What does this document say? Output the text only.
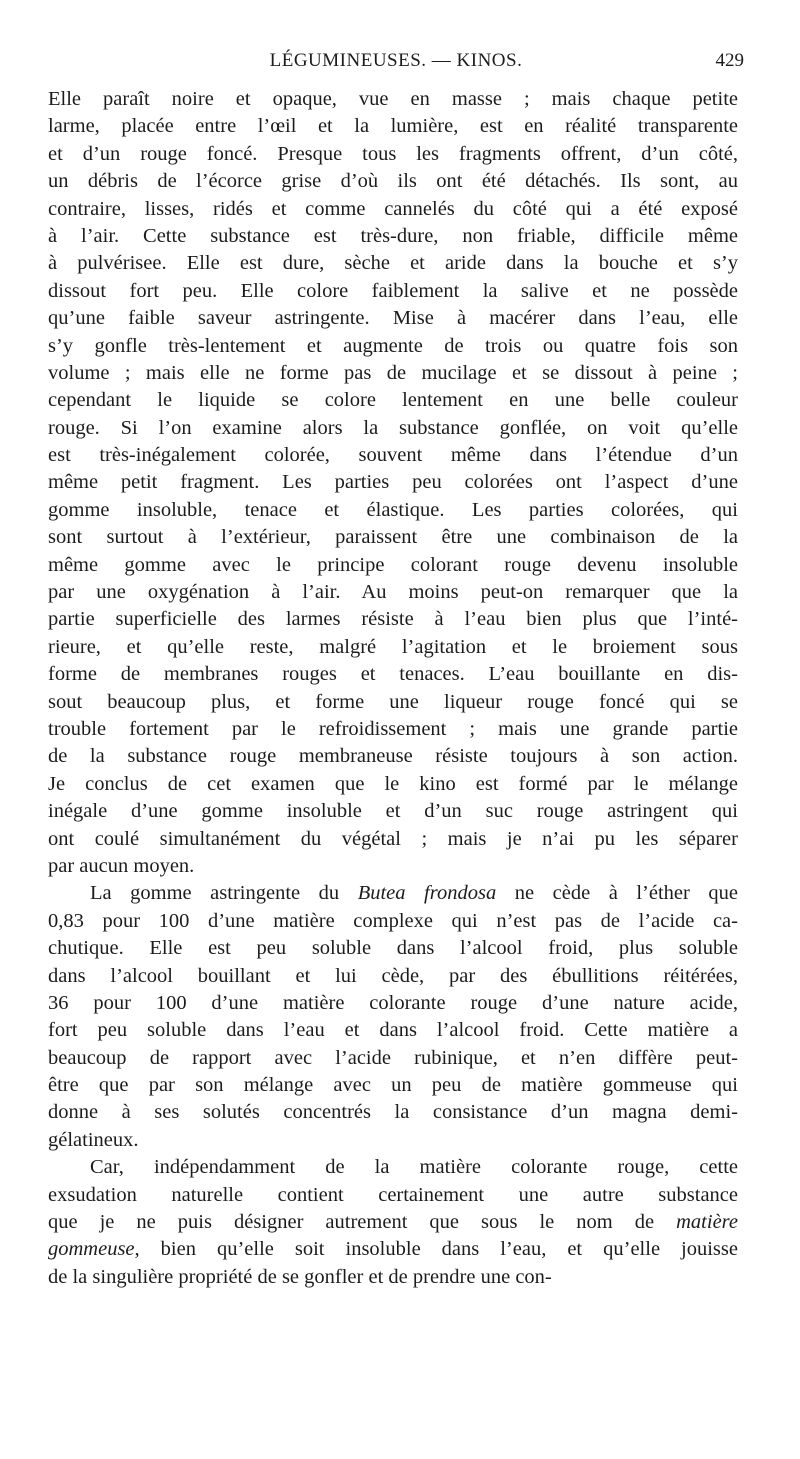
LÉGUMINEUSES. — KINOS.	429
Elle paraît noire et opaque, vue en masse ; mais chaque petite
larme, placée entre l’œil et la lumière, est en réalité transparente
et d’un rouge foncé. Presque tous les fragments offrent, d’un côté,
un débris de l’écorce grise d’où ils ont été détachés. Ils sont, au
contraire, lisses, ridés et comme cannelés du côté qui a été exposé
à l’air. Cette substance est très-dure, non friable, difficile même
à pulvérisee. Elle est dure, sèche et aride dans la bouche et s’y
dissout fort peu. Elle colore faiblement la salive et ne possède
qu’une faible saveur astringente. Mise à macérer dans l’eau, elle
s’y gonfle très-lentement et augmente de trois ou quatre fois son
volume ; mais elle ne forme pas de mucilage et se dissout à peine ;
cependant le liquide se colore lentement en une belle couleur
rouge. Si l’on examine alors la substance gonflée, on voit qu’elle
est très-inégalement colorée, souvent même dans l’étendue d’un
même petit fragment. Les parties peu colorées ont l’aspect d’une
gomme insoluble, tenace et élastique. Les parties colorées, qui
sont surtout à l’extérieur, paraissent être une combinaison de la
même gomme avec le principe colorant rouge devenu insoluble
par une oxygénation à l’air. Au moins peut-on remarquer que la
partie superficielle des larmes résiste à l’eau bien plus que l’inté-
rieure, et qu’elle reste, malgré l’agitation et le broiement sous
forme de membranes rouges et tenaces. L’eau bouillante en dis-
sout beaucoup plus, et forme une liqueur rouge foncé qui se
trouble fortement par le refroidissement ; mais une grande partie
de la substance rouge membraneuse résiste toujours à son action.
Je conclus de cet examen que le kino est formé par le mélange
inégale d’une gomme insoluble et d’un suc rouge astringent qui
ont coulé simultanément du végétal ; mais je n’ai pu les séparer
par aucun moyen.
La gomme astringente du Butea frondosa ne cède à l’éther que
0,83 pour 100 d’une matière complexe qui n’est pas de l’acide ca-
chutique. Elle est peu soluble dans l’alcool froid, plus soluble
dans l’alcool bouillant et lui cède, par des ébullitions réitérées,
36 pour 100 d’une matière colorante rouge d’une nature acide,
fort peu soluble dans l’eau et dans l’alcool froid. Cette matière a
beaucoup de rapport avec l’acide rubinique, et n’en diffère peut-
être que par son mélange avec un peu de matière gommeuse qui
donne à ses solutés concentrés la consistance d’un magna demi-
gélatineux.
Car, indépendamment de la matière colorante rouge, cette
exsudation naturelle contient certainement une autre substance
que je ne puis désigner autrement que sous le nom de matière
gommeuse, bien qu’elle soit insoluble dans l’eau, et qu’elle jouisse
de la singulière propriété de se gonfler et de prendre une con-
